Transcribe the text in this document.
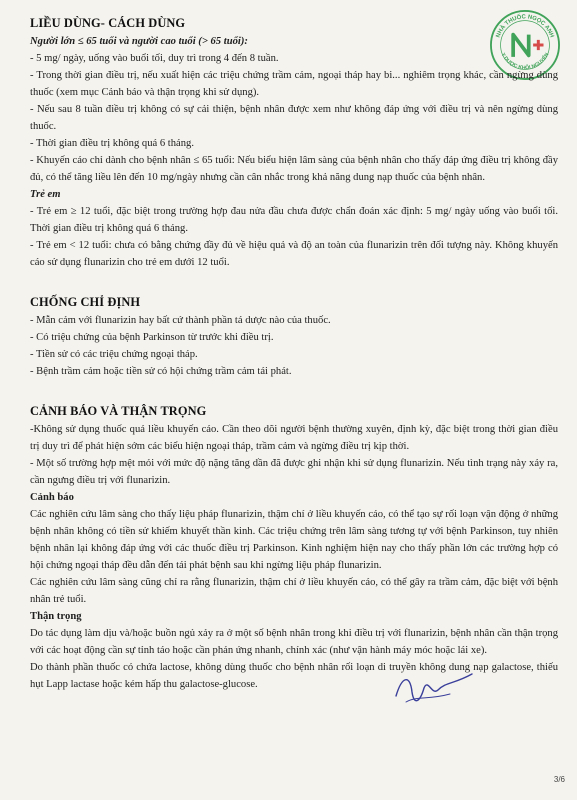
NHÀ THUỐC NGỌC ANH
Y DƯỢC KHÔI NGUYÊN
LIỀU DÙNG- CÁCH DÙNG

Người lớn ≤ 65 tuổi và người cao tuổi (> 65 tuổi):

- 5 mg/ ngày, uống vào buổi tối, duy trì trong 4 đến 8 tuần.

- Trong thời gian điều trị, nếu xuất hiện các triệu chứng trầm cảm, ngoại tháp hay bi... nghiêm trọng khác, cần ngừng dùng thuốc (xem mục Cảnh báo và thận trọng khi sử dụng).

- Nếu sau 8 tuần điều trị không có sự cải thiện, bệnh nhân được xem như không đáp ứng với điều trị và nên ngừng dùng thuốc.

- Thời gian điều trị không quá 6 tháng.

- Khuyến cáo chỉ dành cho bệnh nhân ≤ 65 tuổi: Nếu biểu hiện lâm sàng của bệnh nhân cho thấy đáp ứng điều trị không đầy đủ, có thể tăng liều lên đến 10 mg/ngày nhưng cần cân nhắc trong khả năng dung nạp thuốc của bệnh nhân.

Trẻ em

- Trẻ em ≥ 12 tuổi, đặc biệt trong trường hợp đau nửa đầu chưa được chẩn đoán xác định: 5 mg/ ngày uống vào buổi tối. Thời gian điều trị không quá 6 tháng.

- Trẻ em < 12 tuổi: chưa có bằng chứng đầy đủ về hiệu quả và độ an toàn của flunarizin trên đối tượng này. Không khuyến cáo sử dụng flunarizin cho trẻ em dưới 12 tuổi.

CHỐNG CHỈ ĐỊNH

- Mẫn cảm với flunarizin hay bất cứ thành phần tá dược nào của thuốc.

- Có triệu chứng của bệnh Parkinson từ trước khi điều trị.

- Tiền sử có các triệu chứng ngoại tháp.

- Bệnh trầm cảm hoặc tiền sử có hội chứng trầm cảm tái phát.

CẢNH BÁO VÀ THẬN TRỌNG

-Không sử dụng thuốc quá liều khuyến cáo. Cần theo dõi người bệnh thường xuyên, định kỳ, đặc biệt trong thời gian điều trị duy trì để phát hiện sớm các biểu hiện ngoại tháp, trầm cảm và ngừng điều trị kịp thời.

- Một số trường hợp mệt mỏi với mức độ nặng tăng dần đã được ghi nhận khi sử dụng flunarizin. Nếu tình trạng này xảy ra, cần ngưng điều trị với flunarizin.

Cảnh báo

Các nghiên cứu lâm sàng cho thấy liệu pháp flunarizin, thậm chí ở liều khuyến cáo, có thể tạo sự rối loạn vận động ở những bệnh nhân không có tiền sử khiếm khuyết thần kinh. Các triệu chứng trên lâm sàng tương tự với bệnh Parkinson, tuy nhiên bệnh nhân lại không đáp ứng với các thuốc điều trị Parkinson. Kinh nghiệm hiện nay cho thấy phần lớn các trường hợp có hội chứng ngoại tháp đều dẫn đến tái phát bệnh sau khi ngừng liệu pháp flunarizin.

Các nghiên cứu lâm sàng cũng chỉ ra rằng flunarizin, thậm chí ở liều khuyến cáo, có thể gây ra trầm cảm, đặc biệt với bệnh nhân trẻ tuổi.

Thận trọng

Do tác dụng làm dịu và/hoặc buồn ngủ xảy ra ở một số bệnh nhân trong khi điều trị với flunarizin, bệnh nhân cần thận trọng với các hoạt động cần sự tỉnh táo hoặc cần phản ứng nhanh, chính xác (như vận hành máy móc hoặc lái xe).

Do thành phần thuốc có chứa lactose, không dùng thuốc cho bệnh nhân rối loạn di truyền không dung nạp galactose, thiếu hụt Lapp lactase hoặc kém hấp thu galactose-glucose.

3/6
